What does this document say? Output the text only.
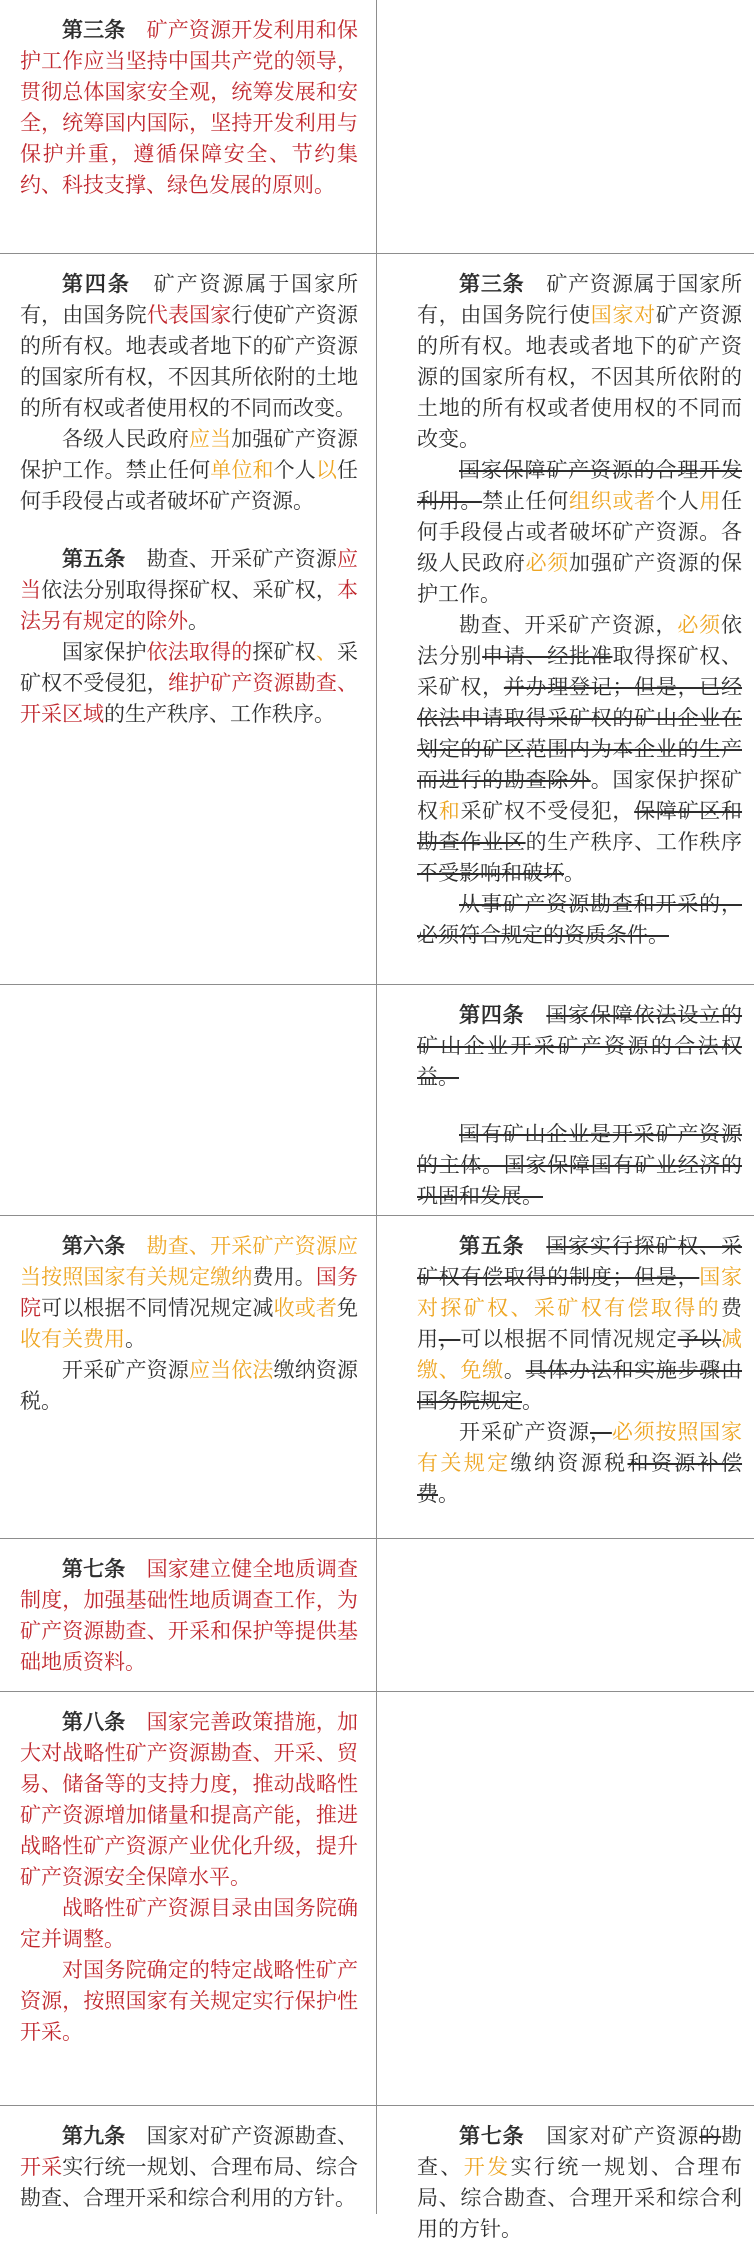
第三条　矿产资源开发利用和保护工作应当坚持中国共产党的领导，贯彻总体国家安全观，统筹发展和安全，统筹国内国际，坚持开发利用与保护并重，遵循保障安全、节约集约、科技支撑、绿色发展的原则。

第四条　矿产资源属于国家所有，由国务院代表国家行使矿产资源的所有权。地表或者地下的矿产资源的国家所有权，不因其所依附的土地的所有权或者使用权的不同而改变。

各级人民政府应当加强矿产资源保护工作。禁止任何单位和个人以任何手段侵占或者破坏矿产资源。

第五条　勘查、开采矿产资源应当依法分别取得探矿权、采矿权，本法另有规定的除外。

国家保护依法取得的探矿权、采矿权不受侵犯，维护矿产资源勘查、开采区域的生产秩序、工作秩序。

第三条　矿产资源属于国家所有，由国务院行使国家对矿产资源的所有权。地表或者地下的矿产资源的国家所有权，不因其所依附的土地的所有权或者使用权的不同而改变。

国家保障矿产资源的合理开发利用。禁止任何组织或者个人用任何手段侵占或者破坏矿产资源。各级人民政府必须加强矿产资源的保护工作。

勘查、开采矿产资源，必须依法分别申请、经批准取得探矿权、采矿权，并办理登记；但是，已经依法申请取得采矿权的矿山企业在划定的矿区范围内为本企业的生产而进行的勘查除外。国家保护探矿权和采矿权不受侵犯，保障矿区和勘查作业区的生产秩序、工作秩序不受影响和破坏。

从事矿产资源勘查和开采的，必须符合规定的资质条件。

第四条　 国家保障依法设立的矿山企业开采矿产资源的合法权益。

国有矿山企业是开采矿产资源的主体。国家保障国有矿业经济的巩固和发展。

第六条　 勘查、开采矿产资源应当按照国家有关规定缴纳费用。国务院可以根据不同情况规定减收或者免收有关费用。

开采矿产资源应当依法缴纳资源税。

第五条　 国家实行探矿权、采矿权有偿取得的制度；但是，国家对探矿权、采矿权有偿取得的费用，可以根据不同情况规定予以减缴、免缴。具体办法和实施步骤由国务院规定。

开采矿产资源，必须按照国家有关规定缴纳资源税和资源补偿费。

第七条　国家建立健全地质调查制度，加强基础性地质调查工作，为矿产资源勘查、开采和保护等提供基础地质资料。

第八条　国家完善政策措施，加大对战略性矿产资源勘查、开采、贸易、储备等的支持力度，推动战略性矿产资源增加储量和提高产能，推进战略性矿产资源产业优化升级，提升矿产资源安全保障水平。

战略性矿产资源目录由国务院确定并调整。

对国务院确定的特定战略性矿产资源，按照国家有关规定实行保护性开采。

第九条　国家对矿产资源勘查、开采实行统一规划、合理布局、综合勘查、合理开采和综合利用的方针。

第七条　国家对矿产资源的勘查、开发实行统一规划、合理布局、综合勘查、合理开采和综合利用的方针。
